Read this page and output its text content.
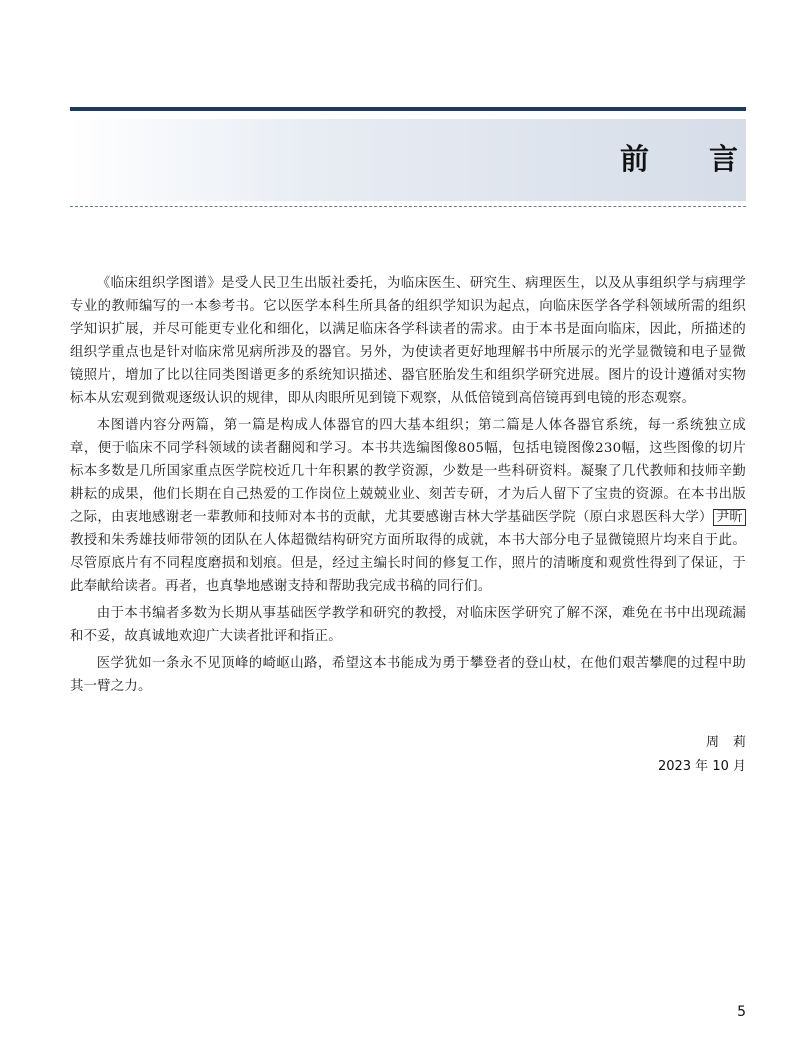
前言

《临床组织学图谱》是受人民卫生出版社委托，为临床医生、研究生、病理医生，以及从事组织学与病理学专业的教师编写的一本参考书。它以医学本科生所具备的组织学知识为起点，向临床医学各学科领域所需的组织学知识扩展，并尽可能更专业化和细化，以满足临床各学科读者的需求。由于本书是面向临床，因此，所描述的组织学重点也是针对临床常见病所涉及的器官。另外，为使读者更好地理解书中所展示的光学显微镜和电子显微镜照片，增加了比以往同类图谱更多的系统知识描述、器官胚胎发生和组织学研究进展。图片的设计遵循对实物标本从宏观到微观逐级认识的规律，即从肉眼所见到镜下观察，从低倍镜到高倍镜再到电镜的形态观察。

本图谱内容分两篇，第一篇是构成人体器官的四大基本组织；第二篇是人体各器官系统，每一系统独立成章，便于临床不同学科领域的读者翻阅和学习。本书共选编图像805幅，包括电镜图像230幅，这些图像的切片标本多数是几所国家重点医学院校近几十年积累的教学资源，少数是一些科研资料。凝聚了几代教师和技师辛勤耕耘的成果，他们长期在自己热爱的工作岗位上兢兢业业、刻苦专研，才为后人留下了宝贵的资源。在本书出版之际，由衷地感谢老一辈教师和技师对本书的贡献，尤其要感谢吉林大学基础医学院（原白求恩医科大学） 尹昕教授和朱秀雄技师带领的团队在人体超微结构研究方面所取得的成就，本书大部分电子显微镜照片均来自于此。尽管原底片有不同程度磨损和划痕。但是，经过主编长时间的修复工作，照片的清晰度和观赏性得到了保证，于此奉献给读者。再者，也真挚地感谢支持和帮助我完成书稿的同行们。

由于本书编者多数为长期从事基础医学教学和研究的教授，对临床医学研究了解不深，难免在书中出现疏漏和不妥，故真诚地欢迎广大读者批评和指正。

医学犹如一条永不见顶峰的崎岖山路，希望这本书能成为勇于攀登者的登山杖，在他们艰苦攀爬的过程中助其一臂之力。

周莉
2023 年 10 月
5
